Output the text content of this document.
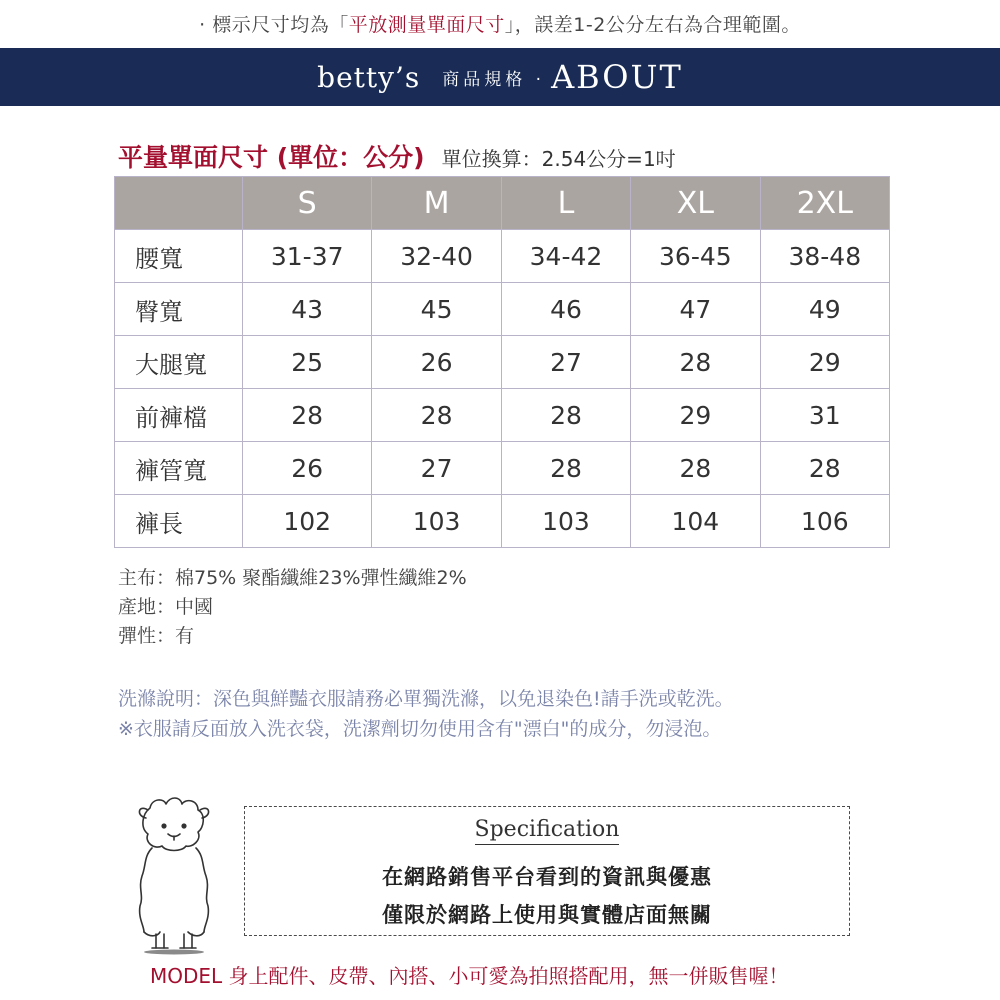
· 標示尺寸均為「平放測量單面尺寸」，誤差1-2公分左右為合理範圍。
betty’s 商品規格 · ABOUT
平量單面尺寸 (單位：公分) 單位換算：2.54公分=1吋
	S	M	L	XL	2XL
腰寬	31-37	32-40	34-42	36-45	38-48
臀寬	43	45	46	47	49
大腿寬	25	26	27	28	29
前褲檔	28	28	28	29	31
褲管寬	26	27	28	28	28
褲長	102	103	103	104	106
主布：棉75% 聚酯纖維23%彈性纖維2%
產地：中國
彈性：有
洗滌說明：深色與鮮豔衣服請務必單獨洗滌，以免退染色!請手洗或乾洗。
※衣服請反面放入洗衣袋，洗潔劑切勿使用含有"漂白"的成分，勿浸泡。
Specification
在網路銷售平台看到的資訊與優惠
僅限於網路上使用與實體店面無關
MODEL 身上配件、皮帶、內搭、小可愛為拍照搭配用，無一併販售喔！
